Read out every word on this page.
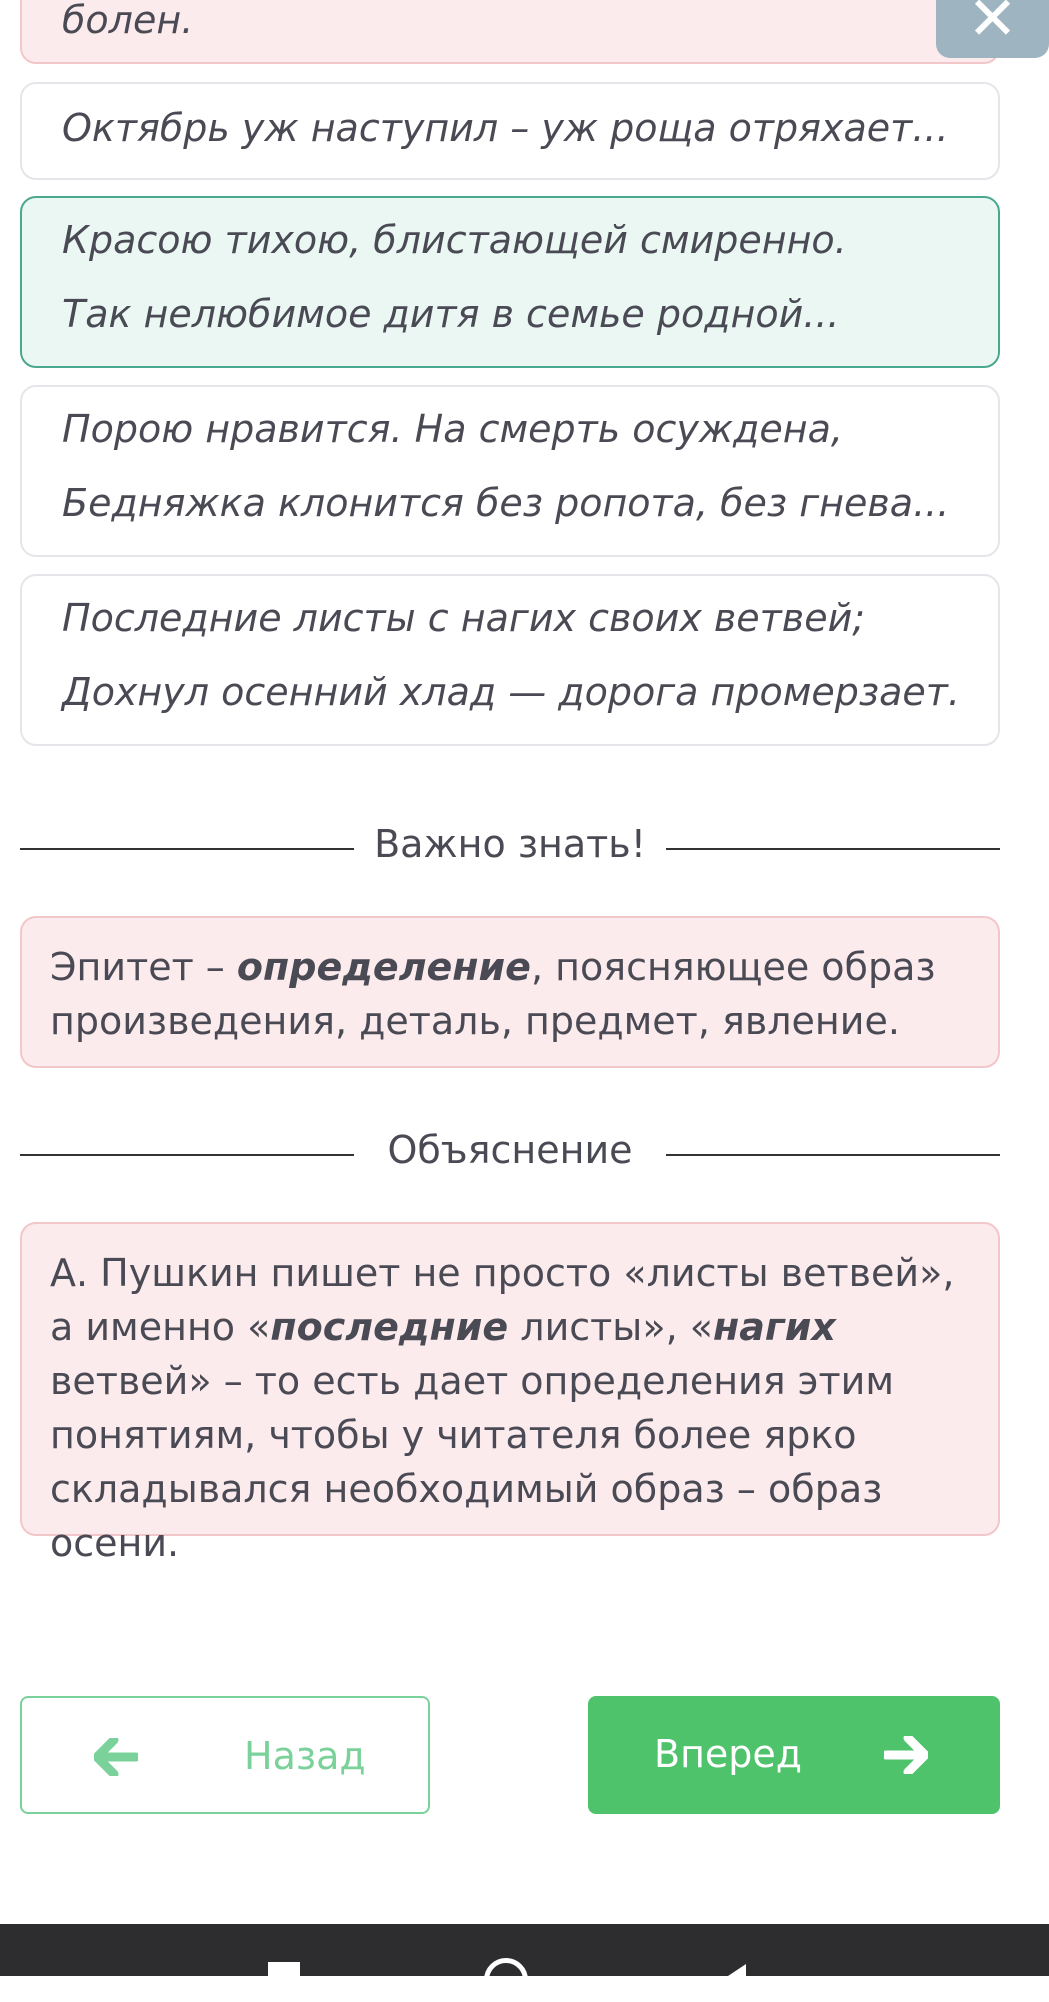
болен.	✕
Октябрь уж наступил – уж роща отряхает...
Красою тихою, блистающей смиренно.
Так нелюбимое дитя в семье родной...
Порою нравится. На смерть осуждена,
Бедняжка клонится без ропота, без гнева...
Последние листы с нагих своих ветвей;
Дохнул осенний хлад — дорога промерзает.
Важно знать!
Эпитет – определение, поясняющее образ произведения, деталь, предмет, явление.
Объяснение
А. Пушкин пишет не просто «листы ветвей», а именно «последние листы», «нагих ветвей» – то есть дает определения этим понятиям, чтобы у читателя более ярко складывался необходимый образ – образ осени.
Назад	Вперед
